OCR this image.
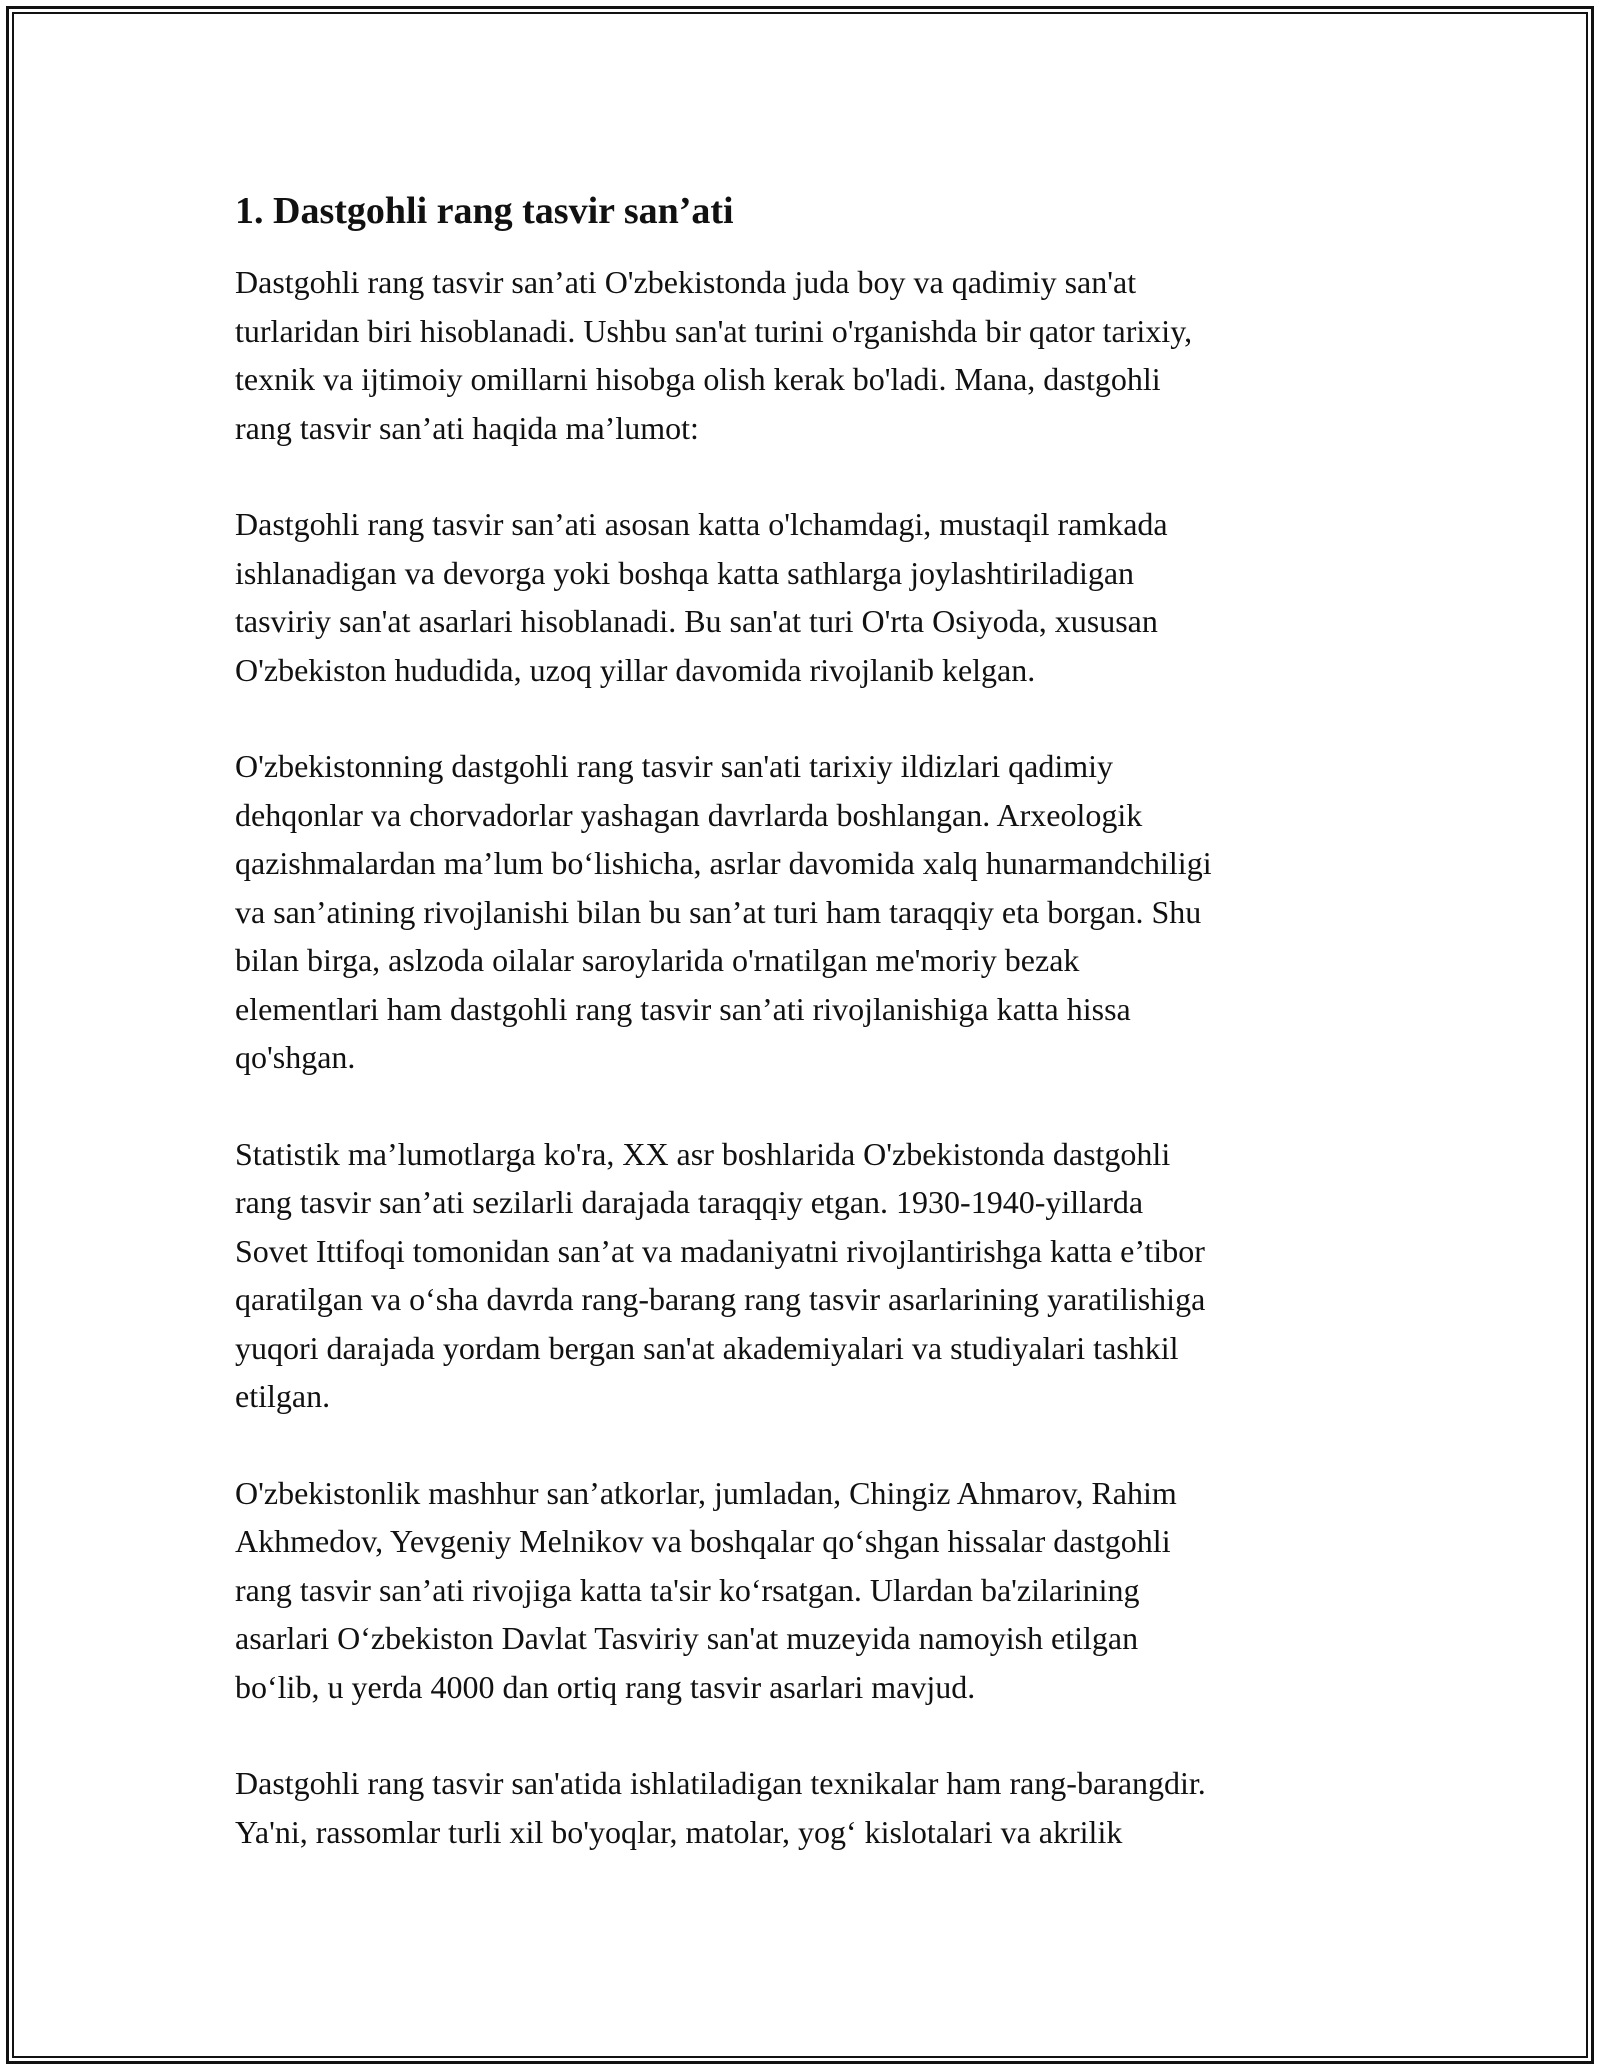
1. Dastgohli rang tasvir san’ati
Dastgohli rang tasvir san’ati O'zbekistonda juda boy va qadimiy san'at
turlaridan biri hisoblanadi. Ushbu san'at turini o'rganishda bir qator tarixiy,
texnik va ijtimoiy omillarni hisobga olish kerak bo'ladi. Mana, dastgohli
rang tasvir san’ati haqida ma’lumot:
Dastgohli rang tasvir san’ati asosan katta o'lchamdagi, mustaqil ramkada
ishlanadigan va devorga yoki boshqa katta sathlarga joylashtiriladigan
tasviriy san'at asarlari hisoblanadi. Bu san'at turi O'rta Osiyoda, xususan
O'zbekiston hududida, uzoq yillar davomida rivojlanib kelgan.
O'zbekistonning dastgohli rang tasvir san'ati tarixiy ildizlari qadimiy
dehqonlar va chorvadorlar yashagan davrlarda boshlangan. Arxeologik
qazishmalardan ma’lum bo‘lishicha, asrlar davomida xalq hunarmandchiligi
va san’atining rivojlanishi bilan bu san’at turi ham taraqqiy eta borgan. Shu
bilan birga, aslzoda oilalar saroylarida o'rnatilgan me'moriy bezak
elementlari ham dastgohli rang tasvir san’ati rivojlanishiga katta hissa
qo'shgan.
Statistik ma’lumotlarga ko'ra, XX asr boshlarida O'zbekistonda dastgohli
rang tasvir san’ati sezilarli darajada taraqqiy etgan. 1930-1940-yillarda
Sovet Ittifoqi tomonidan san’at va madaniyatni rivojlantirishga katta e’tibor
qaratilgan va o‘sha davrda rang-barang rang tasvir asarlarining yaratilishiga
yuqori darajada yordam bergan san'at akademiyalari va studiyalari tashkil
etilgan.
O'zbekistonlik mashhur san’atkorlar, jumladan, Chingiz Ahmarov, Rahim
Akhmedov, Yevgeniy Melnikov va boshqalar qo‘shgan hissalar dastgohli
rang tasvir san’ati rivojiga katta ta'sir ko‘rsatgan. Ulardan ba'zilarining
asarlari O‘zbekiston Davlat Tasviriy san'at muzeyida namoyish etilgan
bo‘lib, u yerda 4000 dan ortiq rang tasvir asarlari mavjud.
Dastgohli rang tasvir san'atida ishlatiladigan texnikalar ham rang-barangdir.
Ya'ni, rassomlar turli xil bo'yoqlar, matolar, yog‘ kislotalari va akrilik
